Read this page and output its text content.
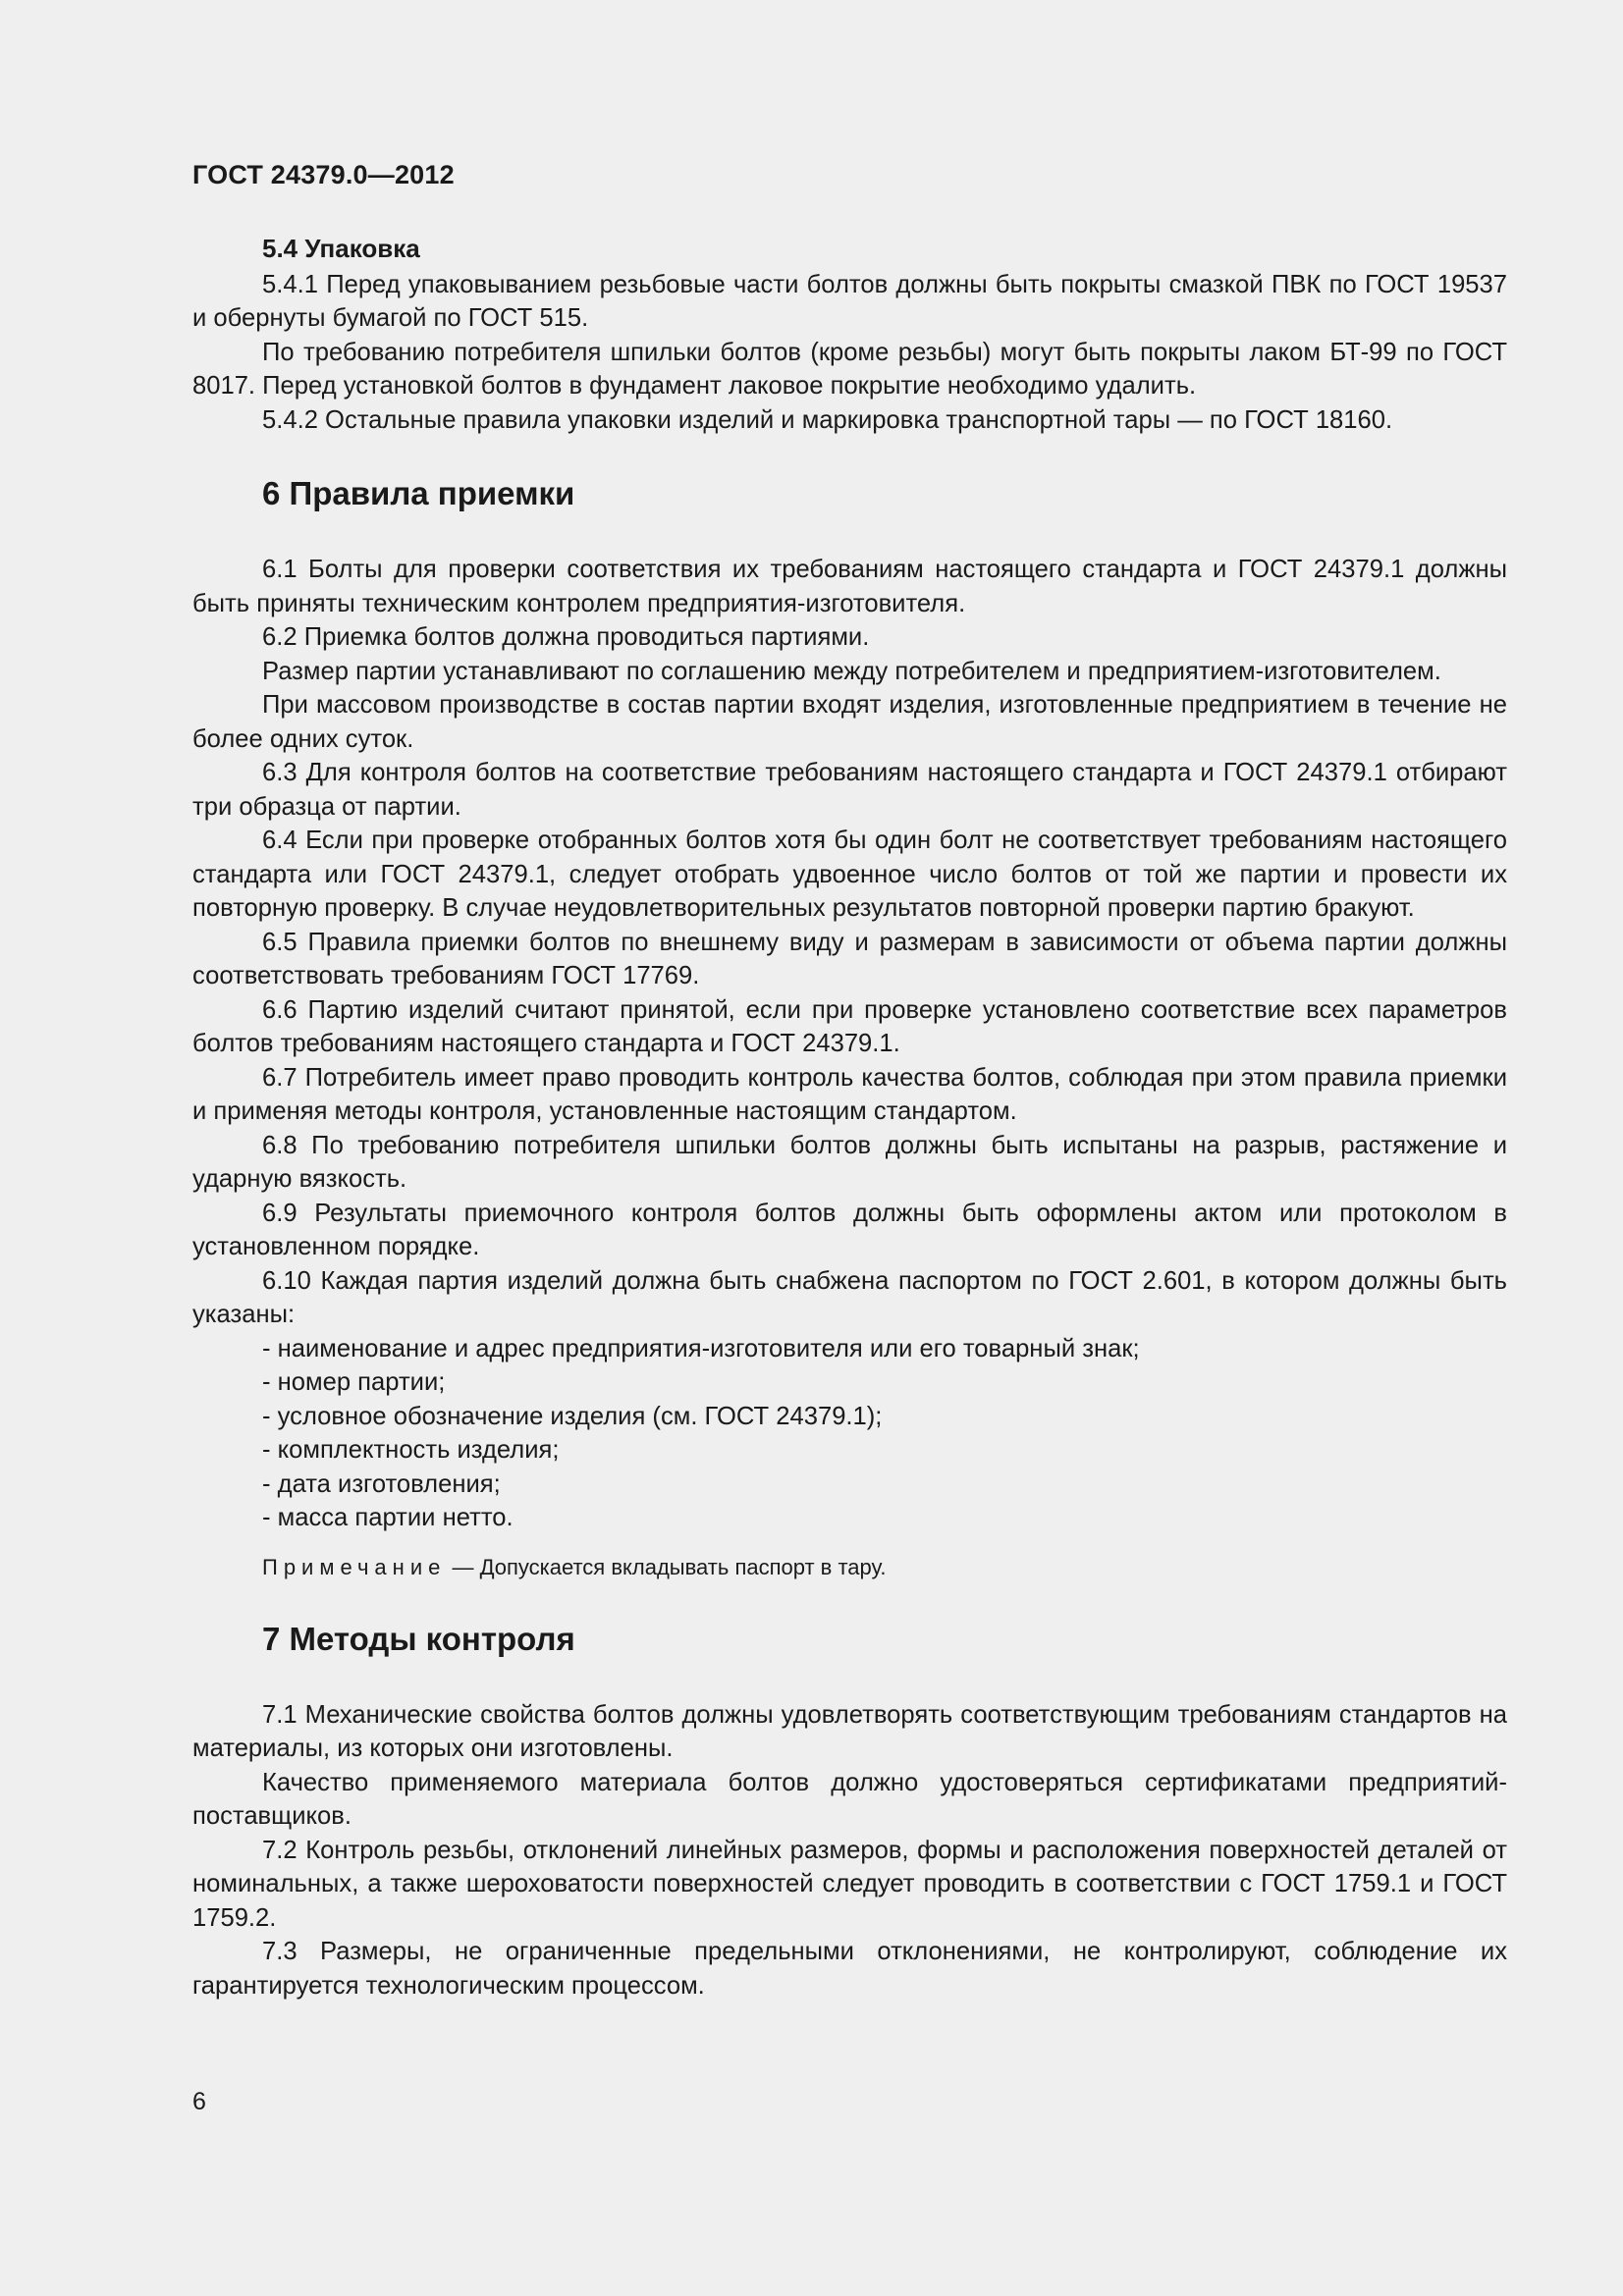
ГОСТ 24379.0—2012
5.4 Упаковка

5.4.1 Перед упаковыванием резьбовые части болтов должны быть покрыты смазкой ПВК по ГОСТ 19537 и обернуты бумагой по ГОСТ 515.

По требованию потребителя шпильки болтов (кроме резьбы) могут быть покрыты лаком БТ-99 по ГОСТ 8017. Перед установкой болтов в фундамент лаковое покрытие необходимо удалить.

5.4.2 Остальные правила упаковки изделий и маркировка транспортной тары — по ГОСТ 18160.

6 Правила приемки

6.1 Болты для проверки соответствия их требованиям настоящего стандарта и ГОСТ 24379.1 должны быть приняты техническим контролем предприятия-изготовителя.

6.2 Приемка болтов должна проводиться партиями.

Размер партии устанавливают по соглашению между потребителем и предприятием-изготовителем.

При массовом производстве в состав партии входят изделия, изготовленные предприятием в течение не более одних суток.

6.3 Для контроля болтов на соответствие требованиям настоящего стандарта и ГОСТ 24379.1 отбирают три образца от партии.

6.4 Если при проверке отобранных болтов хотя бы один болт не соответствует требованиям настоящего стандарта или ГОСТ 24379.1, следует отобрать удвоенное число болтов от той же партии и провести их повторную проверку. В случае неудовлетворительных результатов повторной проверки партию бракуют.

6.5 Правила приемки болтов по внешнему виду и размерам в зависимости от объема партии должны соответствовать требованиям ГОСТ 17769.

6.6 Партию изделий считают принятой, если при проверке установлено соответствие всех параметров болтов требованиям настоящего стандарта и ГОСТ 24379.1.

6.7 Потребитель имеет право проводить контроль качества болтов, соблюдая при этом правила приемки и применяя методы контроля, установленные настоящим стандартом.

6.8 По требованию потребителя шпильки болтов должны быть испытаны на разрыв, растяжение и ударную вязкость.

6.9 Результаты приемочного контроля болтов должны быть оформлены актом или протоколом в установленном порядке.

6.10 Каждая партия изделий должна быть снабжена паспортом по ГОСТ 2.601, в котором должны быть указаны:

- наименование и адрес предприятия-изготовителя или его товарный знак;

- номер партии;

- условное обозначение изделия (см. ГОСТ 24379.1);

- комплектность изделия;

- дата изготовления;

- масса партии нетто.

Примечание — Допускается вкладывать паспорт в тару.
7 Методы контроля

7.1 Механические свойства болтов должны удовлетворять соответствующим требованиям стандартов на материалы, из которых они изготовлены.

Качество применяемого материала болтов должно удостоверяться сертификатами предприятий-поставщиков.

7.2 Контроль резьбы, отклонений линейных размеров, формы и расположения поверхностей деталей от номинальных, а также шероховатости поверхностей следует проводить в соответствии с ГОСТ 1759.1 и ГОСТ 1759.2.

7.3 Размеры, не ограниченные предельными отклонениями, не контролируют, соблюдение их гарантируется технологическим процессом.

6
